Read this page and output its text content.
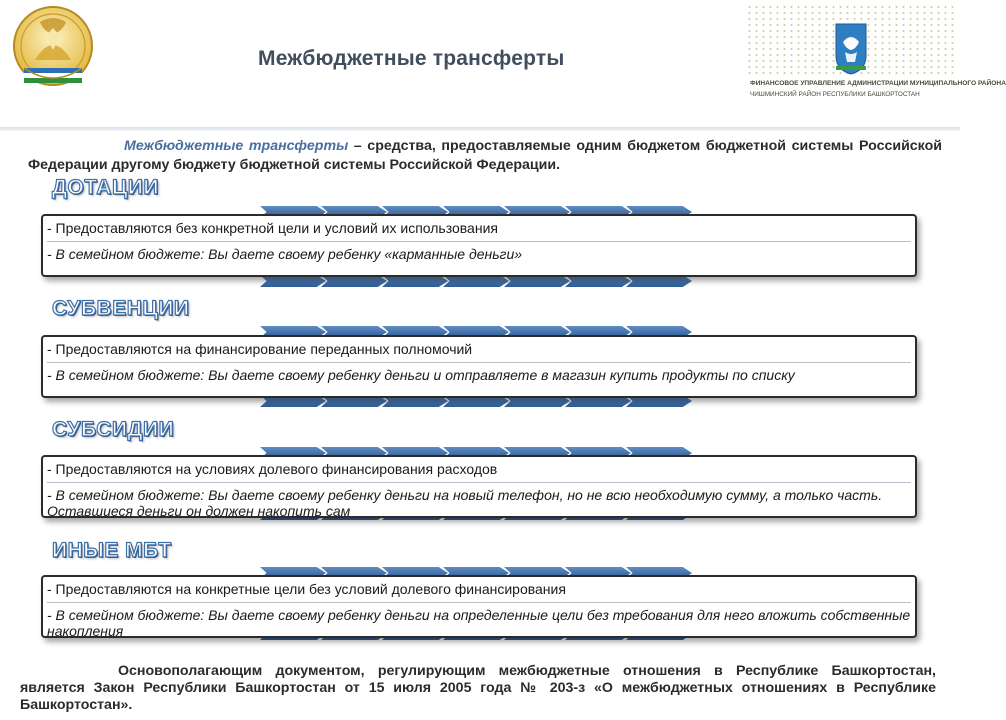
Межбюджетные трансферты
ФИНАНСОВОЕ УПРАВЛЕНИЕ АДМИНИСТРАЦИИ МУНИЦИПАЛЬНОГО РАЙОНА
ЧИШМИНСКИЙ РАЙОН РЕСПУБЛИКИ БАШКОРТОСТАН
Межбюджетные трансферты – средства, предоставляемые одним бюджетом бюджетной системы Российской Федерации другому бюджету бюджетной системы Российской Федерации.
ДОТАЦИИ
- Предоставляются без конкретной цели и условий их использования
- В семейном бюджете: Вы даете своему ребенку «карманные деньги»
СУБВЕНЦИИ
- Предоставляются на финансирование переданных полномочий
- В семейном бюджете: Вы даете своему ребенку деньги и отправляете в магазин купить продукты по списку
СУБСИДИИ
- Предоставляются на условиях долевого финансирования расходов
- В семейном бюджете: Вы даете своему ребенку деньги на новый телефон, но не всю необходимую сумму, а только часть. Оставшиеся деньги он должен накопить сам
ИНЫЕ МБТ
- Предоставляются на конкретные цели без условий долевого финансирования
- В семейном бюджете: Вы даете своему ребенку деньги на определенные цели без требования для него вложить собственные накопления
Основополагающим документом, регулирующим межбюджетные отношения в Республике Башкортостан, является Закон Республики Башкортостан от 15 июля 2005 года № 203-з «О межбюджетных отношениях в Республике Башкортостан».
